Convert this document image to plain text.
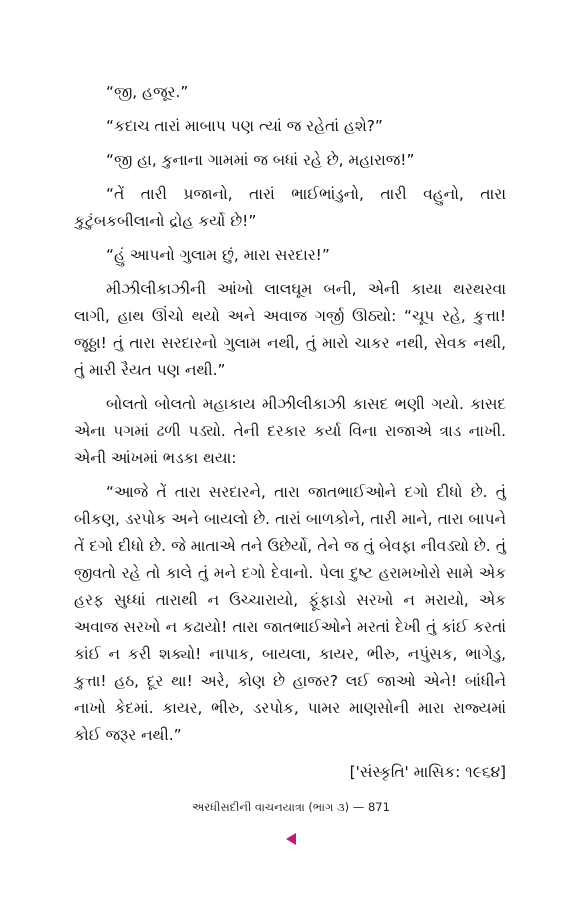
“જી, હજૂર.”

“કદાચ તારાં માબાપ પણ ત્યાં જ રહેતાં હશે?”

“જી હા, કુનાના ગામમાં જ બધાં રહે છે, મહારાજ!”

“તેં તારી પ્રજાનો, તારાં ભાઈભાંડુનો, તારી વહુનો, તારા કુટુંબકબીલાનો દ્રોહ કર્યો છે!”

“હું આપનો ગુલામ છું, મારા સરદાર!”

મીઝીલીકાઝીની આંખો લાલઘૂમ બની, એની કાયા થરથરવા લાગી, હાથ ઊંચો થયો અને અવાજ ગર્જી ઊઠ્યો: “ચૂપ રહે, કુત્તા! જૂઠ્ઠા! તું તારા સરદારનો ગુલામ નથી, તું મારો ચાકર નથી, સેવક નથી, તું મારી રૈયત પણ નથી.”

બોલતો બોલતો મહાકાય મીઝીલીકાઝી કાસદ ભણી ગયો. કાસદ એના પગમાં ઢળી પડ્યો. તેની દરકાર કર્યા વિના રાજાએ ત્રાડ નાખી. એની આંખમાં ભડકા થયા:

“આજે તેં તારા સરદારને, તારા જાતભાઈઓને દગો દીધો છે. તું બીકણ, ડરપોક અને બાયલો છે. તારાં બાળકોને, તારી માને, તારા બાપને તેં દગો દીધો છે. જે માતાએ તને ઉછેર્યો, તેને જ તું બેવફા નીવડ્યો છે. તું જીવતો રહે તો કાલે તું મને દગો દેવાનો. પેલા દુષ્ટ હરામખોરો સામે એક હરફ સુધ્ધાં તારાથી ન ઉચ્ચારાયો, ફૂંફાડો સરખો ન મરાયો, એક અવાજ સરખો ન કઢાયો! તારા જાતભાઈઓને મરતાં દેખી તું કાંઈ કરતાં કાંઈ ન કરી શક્યો! નાપાક, બાયલા, કાયર, ભીરુ, નપુંસક, ભાગેડુ, કુત્તા! હઠ, દૂર થા! અરે, કોણ છે હાજર? લઈ જાઓ એને! બાંધીને નાખો કેદમાં. કાયર, ભીરુ, ડરપોક, પામર માણસોની મારા રાજ્યમાં કોઈ જરૂર નથી.”

['સંસ્કૃતિ' માસિક: ૧૯૬૪]

અરધીસદીની વાચનયાત્રા (ભાગ ૩) — 871
